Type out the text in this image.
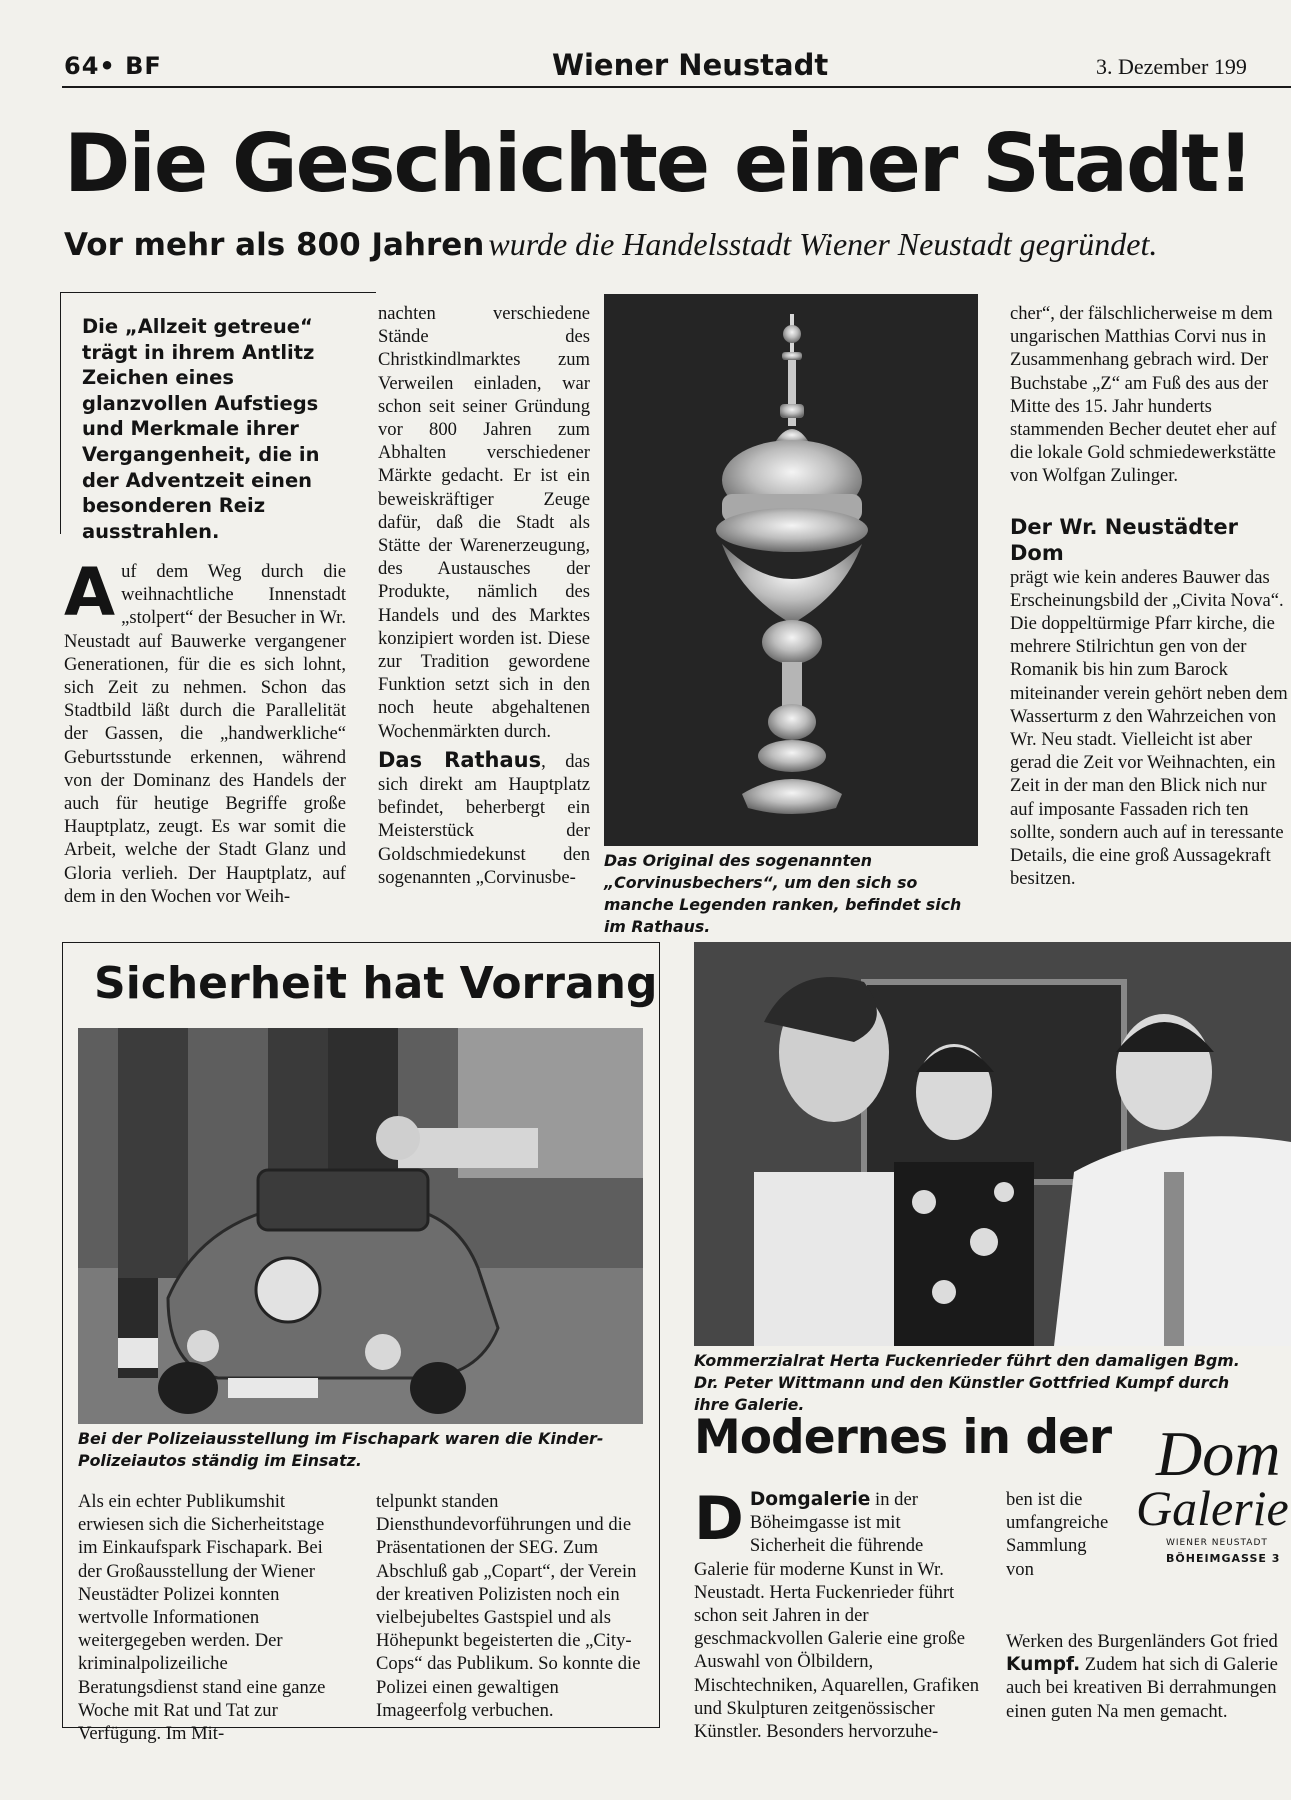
64• BF	Wiener Neustadt	3. Dezember 199
Die Geschichte einer Stadt!
Vor mehr als 800 Jahren wurde die Handelsstadt Wiener Neustadt gegründet.
Die „Allzeit getreue“ trägt in ihrem Antlitz Zeichen eines glanzvollen Aufstiegs und Merkmale ihrer Vergangenheit, die in der Adventzeit einen besonderen Reiz ausstrahlen.
A uf dem Weg durch die weihnachtliche Innenstadt „stolpert“ der Besucher in Wr. Neustadt auf Bauwerke vergangener Generationen, für die es sich lohnt, sich Zeit zu nehmen. Schon das Stadtbild läßt durch die Parallelität der Gassen, die „handwerkliche“ Geburtsstunde erkennen, während von der Dominanz des Handels der auch für heutige Begriffe große Hauptplatz, zeugt. Es war somit die Arbeit, welche der Stadt Glanz und Gloria verlieh. Der Hauptplatz, auf dem in den Wochen vor Weih-

nachten verschiedene Stände des Christkindlmarktes zum Verweilen einladen, war schon seit seiner Gründung vor 800 Jahren zum Abhalten verschiedener Märkte gedacht. Er ist ein beweiskräftiger Zeuge dafür, daß die Stadt als Stätte der Warenerzeugung, des Austausches der Produkte, nämlich des Handels und des Marktes konzipiert worden ist. Diese zur Tradition gewordene Funktion setzt sich in den noch heute abgehaltenen Wochenmärkten durch.

Das Rathaus, das sich direkt am Hauptplatz befindet, beherbergt ein Meisterstück der Goldschmiedekunst den sogenannten „Corvinusbe-

Das Original des sogenannten „Corvinusbechers“, um den sich so manche Legenden ranken, befindet sich im Rathaus.

cher“, der fälschlicherweise m dem ungarischen Matthias Corvi nus in Zusammenhang gebrach wird. Der Buchstabe „Z“ am Fuß des aus der Mitte des 15. Jahr hunderts stammenden Becher deutet eher auf die lokale Gold schmiedewerkstätte von Wolfgan Zulinger.

Der Wr. Neustädter Dom

prägt wie kein anderes Bauwer das Erscheinungsbild der „Civita Nova“. Die doppeltürmige Pfarr kirche, die mehrere Stilrichtun gen von der Romanik bis hin zum Barock miteinander verein gehört neben dem Wasserturm z den Wahrzeichen von Wr. Neu stadt. Vielleicht ist aber gerad die Zeit vor Weihnachten, ein Zeit in der man den Blick nich nur auf imposante Fassaden rich ten sollte, sondern auch auf in teressante Details, die eine groß Aussagekraft besitzen.

Sicherheit hat Vorrang
Bei der Polizeiausstellung im Fischapark waren die Kinder-Polizeiautos ständig im Einsatz.
Als ein echter Publikumshit erwiesen sich die Sicherheitstage im Einkaufspark Fischapark. Bei der Großausstellung der Wiener Neustädter Polizei konnten wertvolle Informationen weitergegeben werden. Der kriminalpolizeiliche Beratungsdienst stand eine ganze Woche mit Rat und Tat zur Verfügung. Im Mit-
telpunkt standen Diensthundevorführungen und die Präsentationen der SEG. Zum Abschluß gab „Copart“, der Verein der kreativen Polizisten noch ein vielbejubeltes Gastspiel und als Höhepunkt begeisterten die „City-Cops“ das Publikum. So konnte die Polizei einen gewaltigen Imageerfolg verbuchen.
Kommerzialrat Herta Fuckenrieder führt den damaligen Bgm. Dr. Peter Wittmann und den Künstler Gottfried Kumpf durch ihre Galerie.
Modernes in der
D Domgalerie in der Böheimgasse ist mit Sicherheit die führende Galerie für moderne Kunst in Wr. Neustadt. Herta Fuckenrieder führt schon seit Jahren in der geschmackvollen Galerie eine große Auswahl von Ölbildern, Mischtechniken, Aquarellen, Grafiken und Skulpturen zeitgenössischer Künstler. Besonders hervorzuhe-
ben ist die umfangreiche Sammlung von
Werken des Burgenländers Got fried Kumpf. Zudem hat sich di Galerie auch bei kreativen Bi derrahmungen einen guten Na men gemacht.
Dom
Galerie
WIENER NEUSTADT
BÖHEIMGASSE 3
